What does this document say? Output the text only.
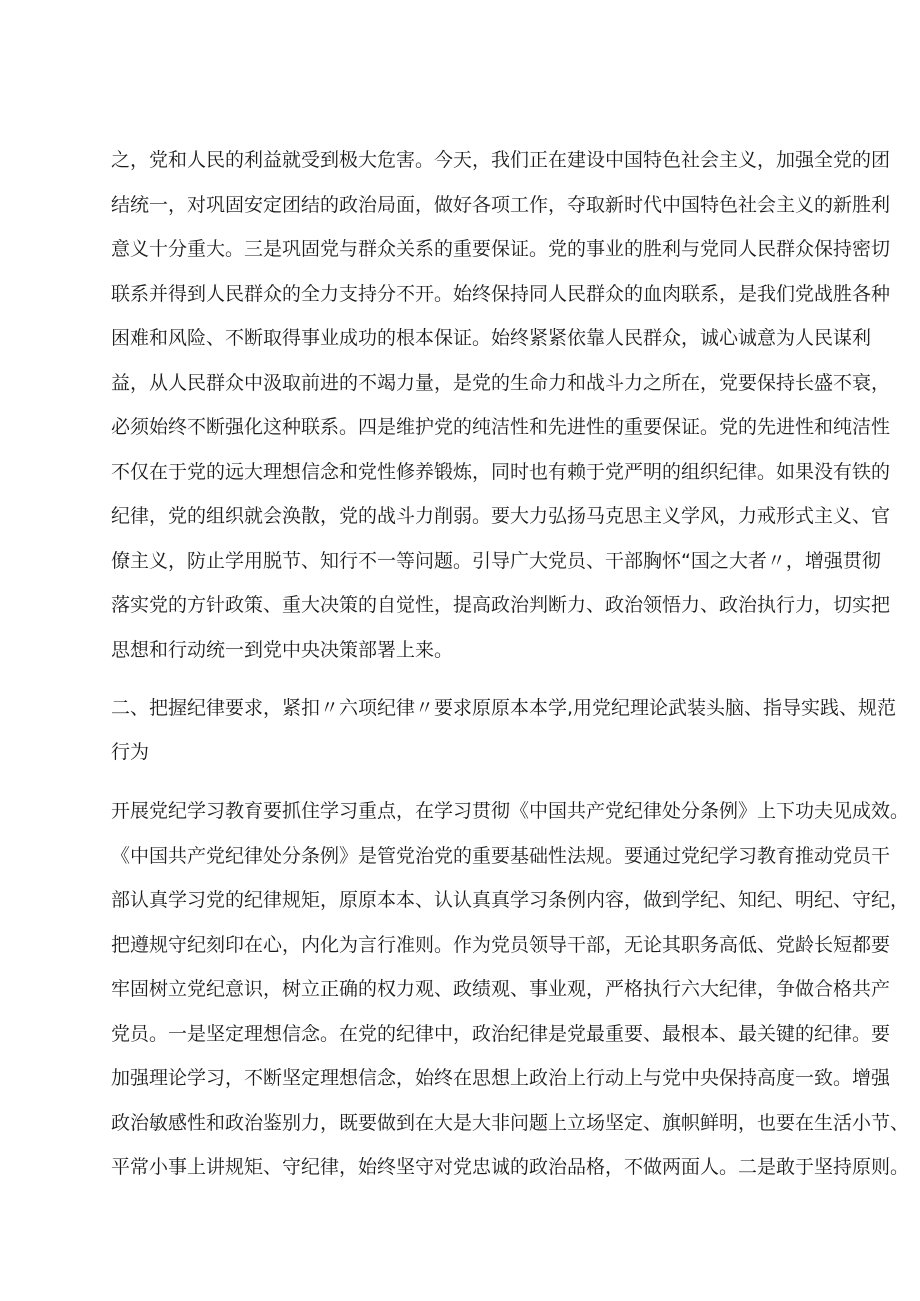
之，党和人民的利益就受到极大危害。今天，我们正在建设中国特色社会主义，加强全党的团
结统一，对巩固安定团结的政治局面，做好各项工作，夺取新时代中国特色社会主义的新胜利
意义十分重大。三是巩固党与群众关系的重要保证。党的事业的胜利与党同人民群众保持密切
联系并得到人民群众的全力支持分不开。始终保持同人民群众的血肉联系，是我们党战胜各种
困难和风险、不断取得事业成功的根本保证。始终紧紧依靠人民群众，诚心诚意为人民谋利
益，从人民群众中汲取前进的不竭力量，是党的生命力和战斗力之所在，党要保持长盛不衰，
必须始终不断强化这种联系。四是维护党的纯洁性和先进性的重要保证。党的先进性和纯洁性
不仅在于党的远大理想信念和党性修养锻炼，同时也有赖于党严明的组织纪律。如果没有铁的
纪律，党的组织就会涣散，党的战斗力削弱。要大力弘扬马克思主义学风，力戒形式主义、官
僚主义，防止学用脱节、知行不一等问题。引导广大党员、干部胸怀“国之大者〃，增强贯彻
落实党的方针政策、重大决策的自觉性，提高政治判断力、政治领悟力、政治执行力，切实把
思想和行动统一到党中央决策部署上来。
二、把握纪律要求，紧扣〃六项纪律〃要求原原本本学,用党纪理论武装头脑、指导实践、规范
行为
开展党纪学习教育要抓住学习重点，在学习贯彻《中国共产党纪律处分条例》上下功夫见成效。
《中国共产党纪律处分条例》是管党治党的重要基础性法规。要通过党纪学习教育推动党员干
部认真学习党的纪律规矩，原原本本、认认真真学习条例内容，做到学纪、知纪、明纪、守纪，
把遵规守纪刻印在心，内化为言行准则。作为党员领导干部，无论其职务高低、党龄长短都要
牢固树立党纪意识，树立正确的权力观、政绩观、事业观，严格执行六大纪律，争做合格共产
党员。一是坚定理想信念。在党的纪律中，政治纪律是党最重要、最根本、最关键的纪律。要
加强理论学习，不断坚定理想信念，始终在思想上政治上行动上与党中央保持高度一致。增强
政治敏感性和政治鉴别力，既要做到在大是大非问题上立场坚定、旗帜鲜明，也要在生活小节、
平常小事上讲规矩、守纪律，始终坚守对党忠诚的政治品格，不做两面人。二是敢于坚持原则。
